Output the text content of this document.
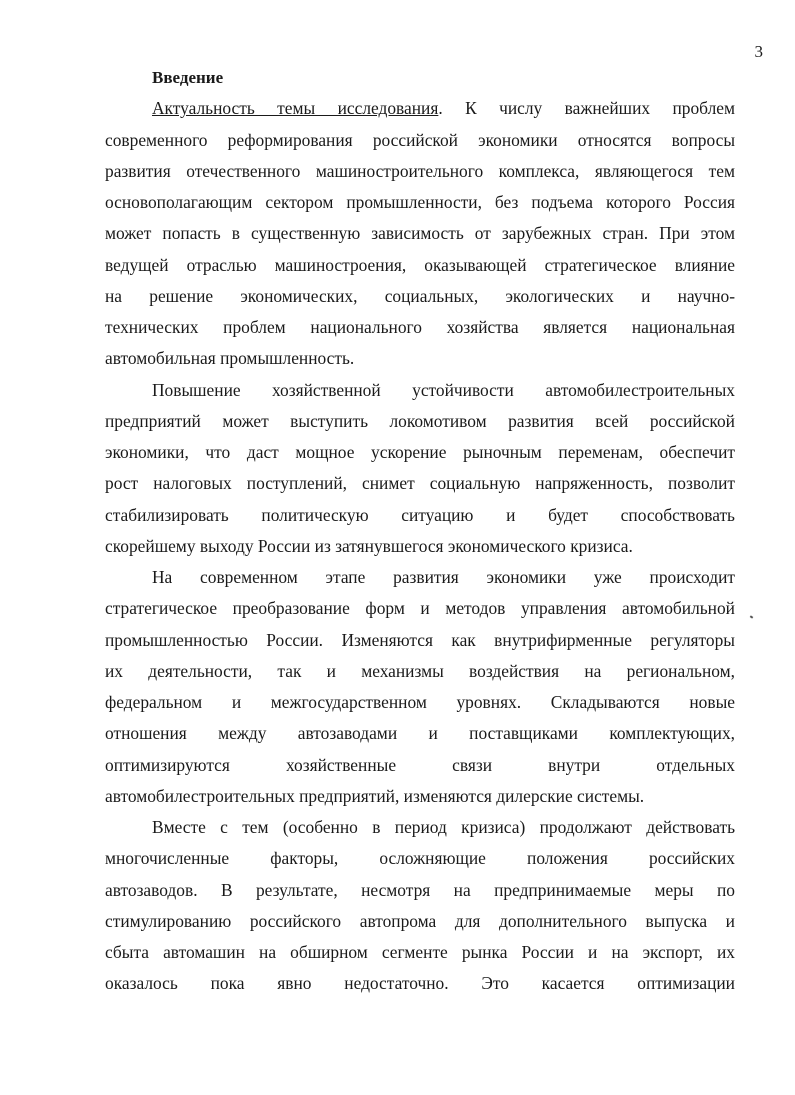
3
Введение
Актуальность темы исследования. К числу важнейших проблем
современного реформирования российской экономики относятся вопросы
развития отечественного машиностроительного комплекса, являющегося тем
основополагающим сектором промышленности, без подъема которого Россия
может попасть в существенную зависимость от зарубежных стран. При этом
ведущей отраслью машиностроения, оказывающей стратегическое влияние
на решение экономических, социальных, экологических и научно-
технических проблем национального хозяйства является национальная
автомобильная промышленность.
Повышение хозяйственной устойчивости автомобилестроительных
предприятий может выступить локомотивом развития всей российской
экономики, что даст мощное ускорение рыночным переменам, обеспечит
рост налоговых поступлений, снимет социальную напряженность, позволит
стабилизировать политическую ситуацию и будет способствовать
скорейшему выходу России из затянувшегося экономического кризиса.
На современном этапе развития экономики уже происходит
стратегическое преобразование форм и методов управления автомобильной
промышленностью России. Изменяются как внутрифирменные регуляторы
их деятельности, так и механизмы воздействия на региональном,
федеральном и межгосударственном уровнях. Складываются новые
отношения между автозаводами и поставщиками комплектующих,
оптимизируются хозяйственные связи внутри отдельных
автомобилестроительных предприятий, изменяются дилерские системы.
Вместе с тем (особенно в период кризиса) продолжают действовать
многочисленные факторы, осложняющие положения российских
автозаводов. В результате, несмотря на предпринимаемые меры по
стимулированию российского автопрома для дополнительного выпуска и
сбыта автомашин на обширном сегменте рынка России и на экспорт, их
оказалось пока явно недостаточно. Это касается оптимизации
